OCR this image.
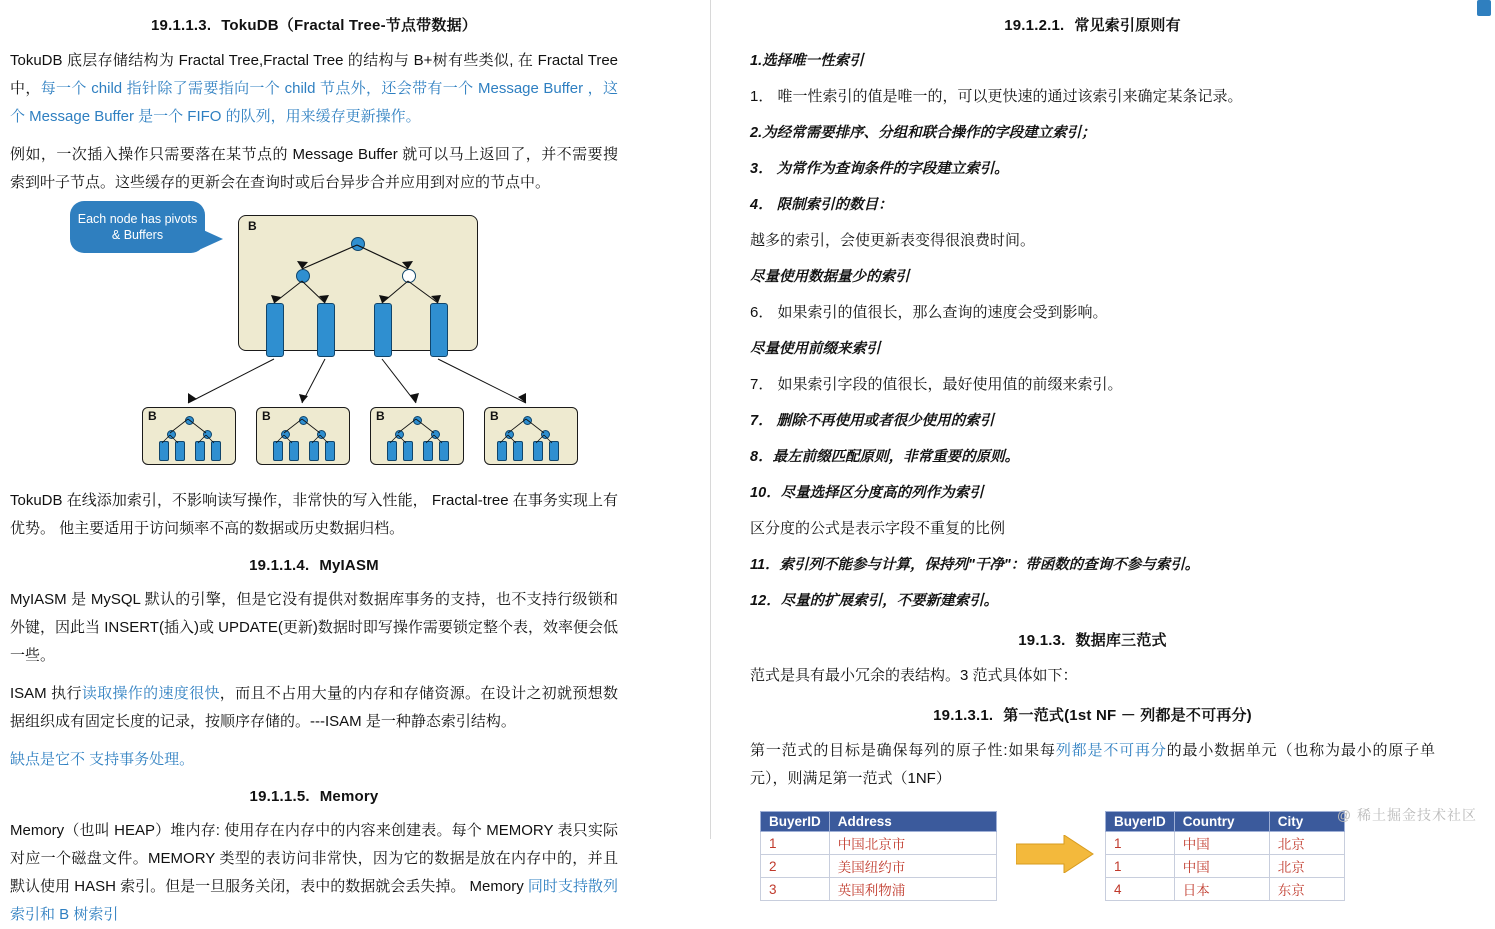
19.1.1.3. TokuDB（Fractal Tree-节点带数据）

TokuDB 底层存储结构为 Fractal Tree,Fractal Tree 的结构与 B+树有些类似, 在 Fractal Tree 中，每一个 child 指针除了需要指向一个 child 节点外，还会带有一个 Message Buffer ，这个 Message Buffer 是一个 FIFO 的队列，用来缓存更新操作。

例如，一次插入操作只需要落在某节点的 Message Buffer 就可以马上返回了，并不需要搜索到叶子节点。这些缓存的更新会在查询时或后台异步合并应用到对应的节点中。

Each node has pivots & Buffers
B
B	B	B	B

TokuDB 在线添加索引，不影响读写操作，非常快的写入性能， Fractal-tree 在事务实现上有优势。 他主要适用于访问频率不高的数据或历史数据归档。

19.1.1.4. MyIASM

MyIASM 是 MySQL 默认的引擎，但是它没有提供对数据库事务的支持，也不支持行级锁和外键，因此当 INSERT(插入)或 UPDATE(更新)数据时即写操作需要锁定整个表，效率便会低一些。

ISAM 执行读取操作的速度很快，而且不占用大量的内存和存储资源。在设计之初就预想数据组织成有固定长度的记录，按顺序存储的。---ISAM 是一种静态索引结构。

缺点是它不 支持事务处理。

19.1.1.5. Memory

Memory（也叫 HEAP）堆内存: 使用存在内存中的内容来创建表。每个 MEMORY 表只实际对应一个磁盘文件。MEMORY 类型的表访问非常快，因为它的数据是放在内存中的，并且默认使用 HASH 索引。但是一旦服务关闭，表中的数据就会丢失掉。 Memory 同时支持散列索引和 B 树索引

19.1.2.1. 常见索引原则有

1.选择唯一性索引

1． 唯一性索引的值是唯一的，可以更快速的通过该索引来确定某条记录。

2.为经常需要排序、分组和联合操作的字段建立索引；

3． 为常作为查询条件的字段建立索引。

4． 限制索引的数目：

越多的索引，会使更新表变得很浪费时间。

尽量使用数据量少的索引

6． 如果索引的值很长，那么查询的速度会受到影响。

尽量使用前缀来索引

7． 如果索引字段的值很长，最好使用值的前缀来索引。

7． 删除不再使用或者很少使用的索引

8．最左前缀匹配原则，非常重要的原则。

10．尽量选择区分度高的列作为索引

区分度的公式是表示字段不重复的比例

11．索引列不能参与计算，保持列"干净"：带函数的查询不参与索引。

12．尽量的扩展索引，不要新建索引。

19.1.3. 数据库三范式

范式是具有最小冗余的表结构。3 范式具体如下：

19.1.3.1. 第一范式(1st NF － 列都是不可再分)

第一范式的目标是确保每列的原子性:如果每列都是不可再分的最小数据单元（也称为最小的原子单元），则满足第一范式（1NF）

BuyerID	Address
1	中国北京市
2	美国纽约市
3	英国利物浦
BuyerID	Country	City
1	中国	北京
1	中国	北京
4	日本	东京
@ 稀土掘金技术社区
